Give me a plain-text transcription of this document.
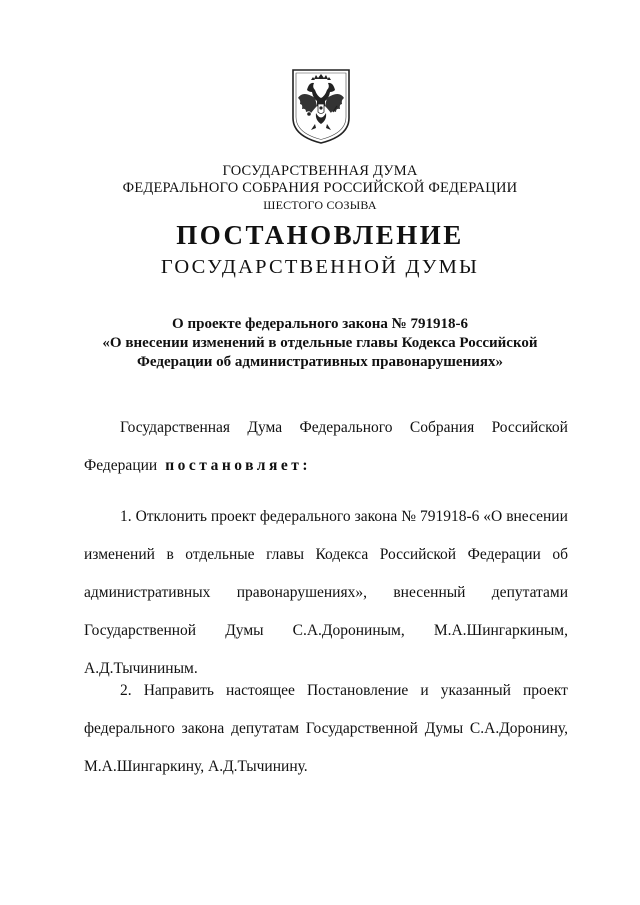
ГОСУДАРСТВЕННАЯ ДУМА
ФЕДЕРАЛЬНОГО СОБРАНИЯ РОССИЙСКОЙ ФЕДЕРАЦИИ
ШЕСТОГО СОЗЫВА
ПОСТАНОВЛЕНИЕ
ГОСУДАРСТВЕННОЙ ДУМЫ
О проекте федерального закона № 791918-6
«О внесении изменений в отдельные главы Кодекса Российской
Федерации об административных правонарушениях»
Государственная Дума Федерального Собрания Российской
Федерации постановляет:
1. Отклонить проект федерального закона № 791918-6 «О внесении
изменений в отдельные главы Кодекса Российской Федерации об
административных правонарушениях», внесенный депутатами
Государственной Думы С.А.Дорониным, М.А.Шингаркиным,
А.Д.Тычининым.
2. Направить настоящее Постановление и указанный проект
федерального закона депутатам Государственной Думы С.А.Доронину,
М.А.Шингаркину, А.Д.Тычинину.
